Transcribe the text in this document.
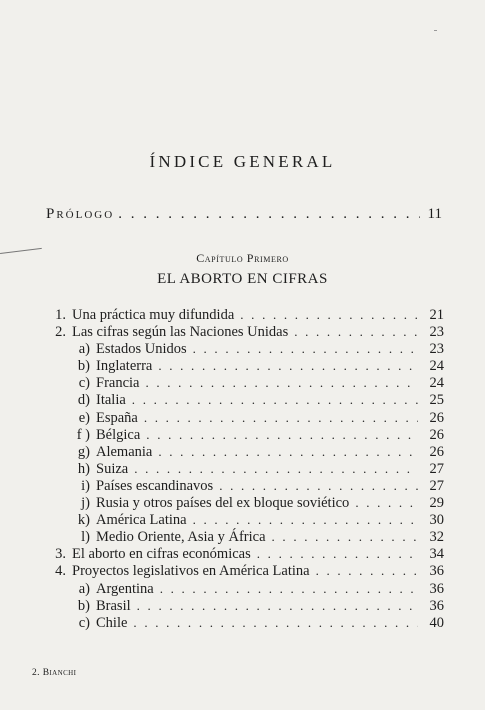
ÍNDICE GENERAL
Prólogo . . .	11
Capítulo Primero
EL ABORTO EN CIFRAS
1. Una práctica muy difundida . . .	21
2. Las cifras según las Naciones Unidas . . .	23
a) Estados Unidos . . .	23
b) Inglaterra . . .	24
c) Francia . . .	24
d) Italia . . .	25
e) España . . .	26
f ) Bélgica . . .	26
g) Alemania . . .	26
h) Suiza . . .	27
i) Países escandinavos . . .	27
j) Rusia y otros países del ex bloque soviético . . .	29
k) América Latina . . .	30
l) Medio Oriente, Asia y África . . .	32
3. El aborto en cifras económicas . . .	34
4. Proyectos legislativos en América Latina . . .	36
a) Argentina . . .	36
b) Brasil . . .	36
c) Chile . . .	40
2. Bianchi
